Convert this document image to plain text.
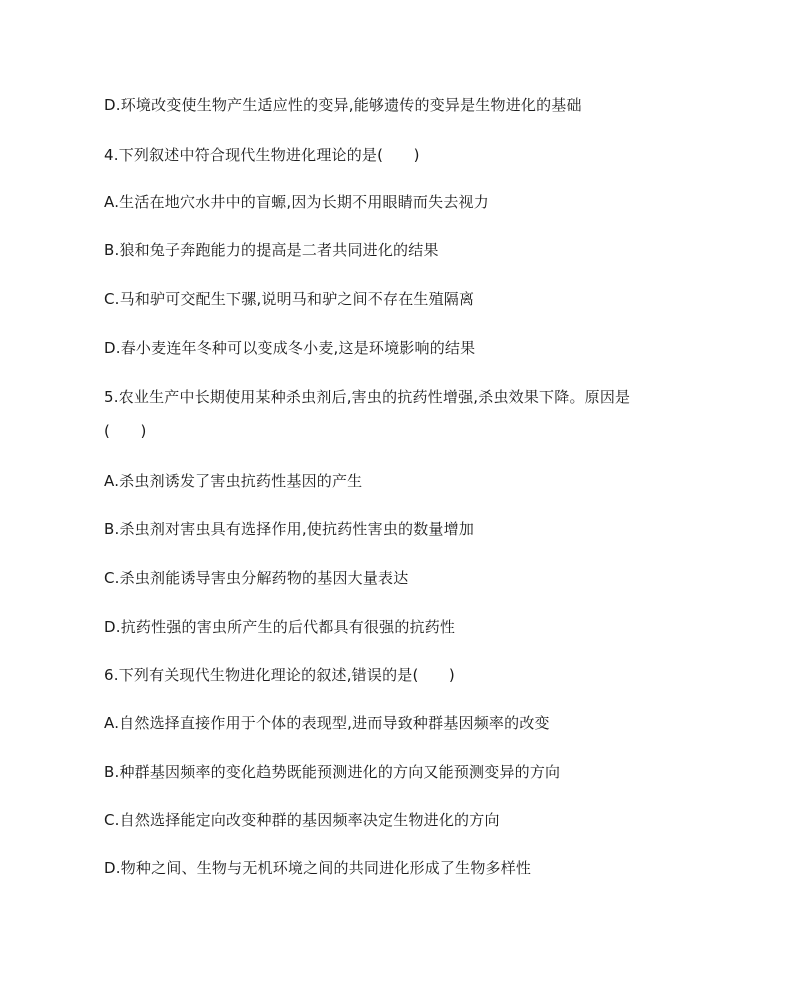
D.环境改变使生物产生适应性的变异,能够遗传的变异是生物进化的基础
4.下列叙述中符合现代生物进化理论的是(　　)
A.生活在地穴水井中的盲螈,因为长期不用眼睛而失去视力
B.狼和兔子奔跑能力的提高是二者共同进化的结果
C.马和驴可交配生下骡,说明马和驴之间不存在生殖隔离
D.春小麦连年冬种可以变成冬小麦,这是环境影响的结果
5.农业生产中长期使用某种杀虫剂后,害虫的抗药性增强,杀虫效果下降。原因是
(　　)
A.杀虫剂诱发了害虫抗药性基因的产生
B.杀虫剂对害虫具有选择作用,使抗药性害虫的数量增加
C.杀虫剂能诱导害虫分解药物的基因大量表达
D.抗药性强的害虫所产生的后代都具有很强的抗药性
6.下列有关现代生物进化理论的叙述,错误的是(　　)
A.自然选择直接作用于个体的表现型,进而导致种群基因频率的改变
B.种群基因频率的变化趋势既能预测进化的方向又能预测变异的方向
C.自然选择能定向改变种群的基因频率决定生物进化的方向
D.物种之间、生物与无机环境之间的共同进化形成了生物多样性
